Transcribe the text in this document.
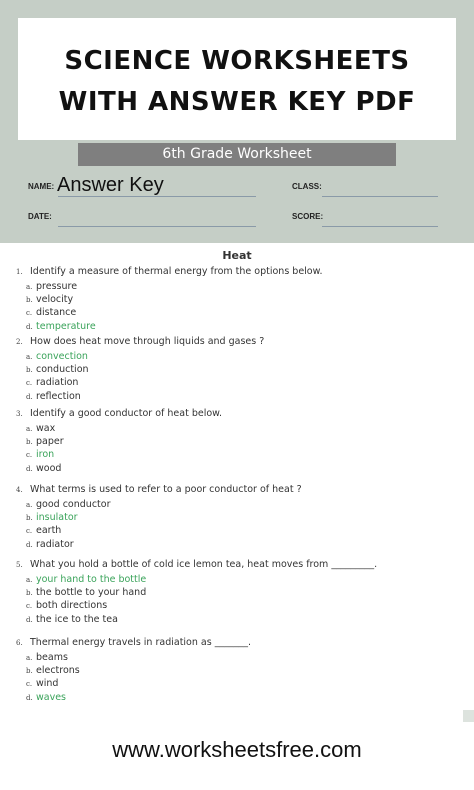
SCIENCE WORKSHEETS
WITH ANSWER KEY PDF
6th Grade Worksheet
NAME: Answer Key	CLASS:
DATE:	SCORE:
Heat
1. Identify a measure of thermal energy from the options below.
a. pressure
b. velocity
c. distance
d. temperature
2. How does heat move through liquids and gases ?
a. convection
b. conduction
c. radiation
d. reflection
3. Identify a good conductor of heat below.
a. wax
b. paper
c. iron
d. wood
4. What terms is used to refer to a poor conductor of heat ?
a. good conductor
b. insulator
c. earth
d. radiator
5. What you hold a bottle of cold ice lemon tea, heat moves from _________.
a. your hand to the bottle
b. the bottle to your hand
c. both directions
d. the ice to the tea
6. Thermal energy travels in radiation as _______.
a. beams
b. electrons
c. wind
d. waves
www.worksheetsfree.com
